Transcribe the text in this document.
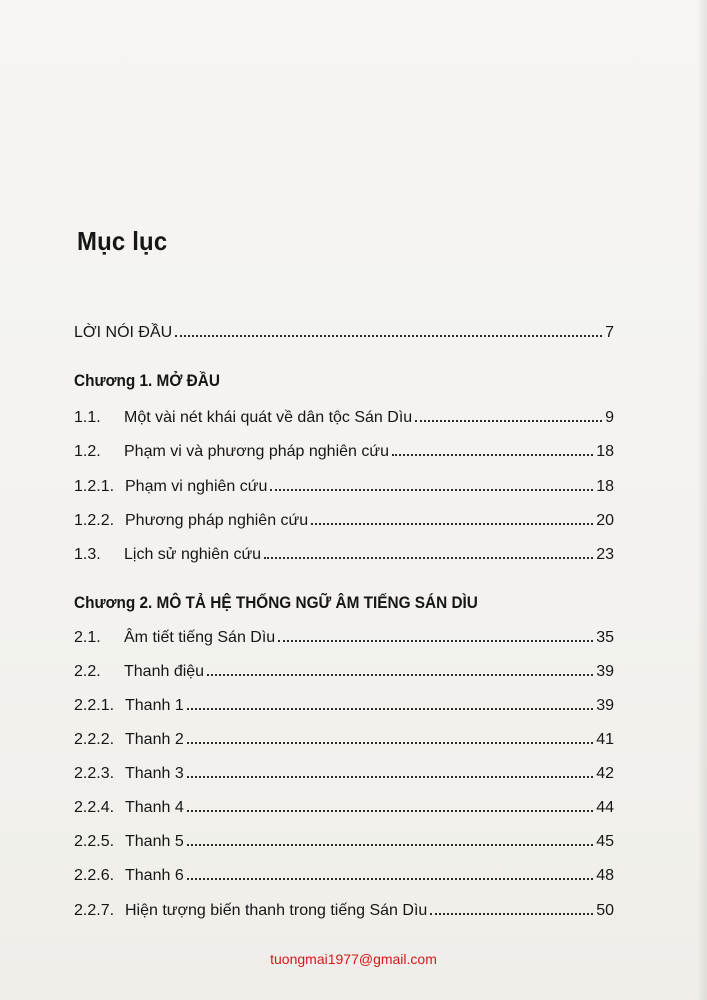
Mục lục
LỜI NÓI ĐẦU	7
Chương 1. MỞ ĐẦU
1.1.	Một vài nét khái quát về dân tộc Sán Dìu	9
1.2.	Phạm vi và phương pháp nghiên cứu	18
1.2.1. Phạm vi nghiên cứu	18
1.2.2. Phương pháp nghiên cứu	20
1.3.	Lịch sử nghiên cứu	23
Chương 2. MÔ TẢ HỆ THỐNG NGỮ ÂM TIẾNG SÁN DÌU
2.1.	Âm tiết tiếng Sán Dìu	35
2.2.	Thanh điệu	39
2.2.1. Thanh 1	39
2.2.2. Thanh 2	41
2.2.3. Thanh 3	42
2.2.4. Thanh 4	44
2.2.5. Thanh 5	45
2.2.6. Thanh 6	48
2.2.7. Hiện tượng biến thanh trong tiếng Sán Dìu	50
tuongmai1977@gmail.com
